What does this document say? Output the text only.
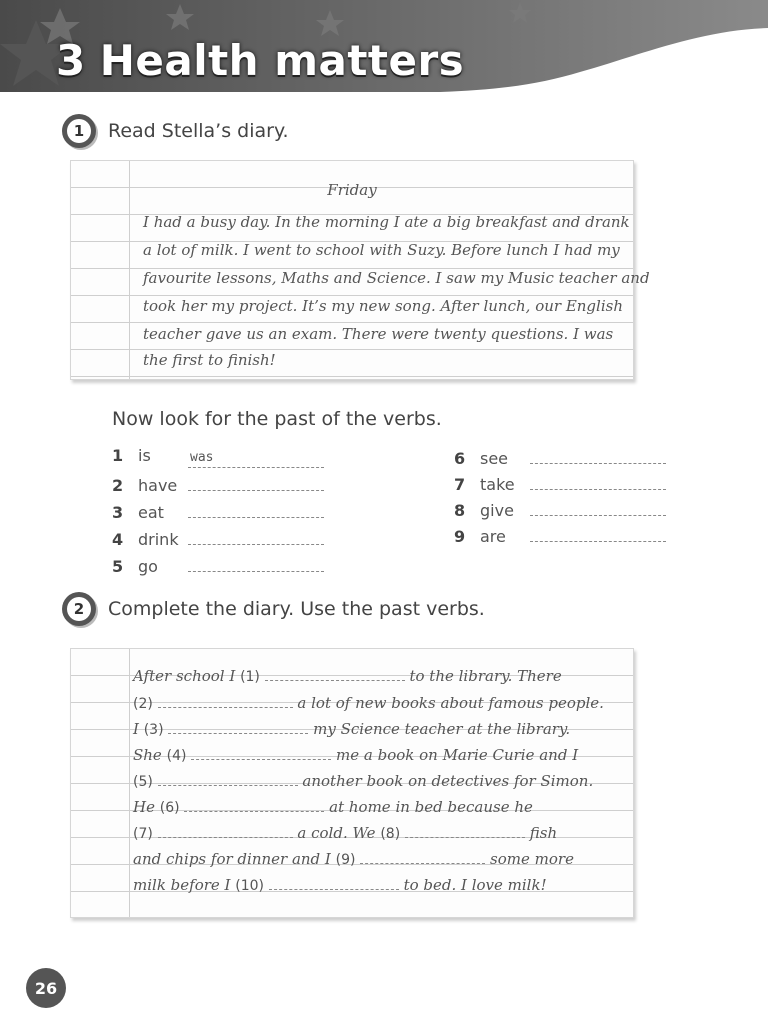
3 Health matters
1	Read Stella’s diary.
Friday
I had a busy day. In the morning I ate a big breakfast and drank
a lot of milk. I went to school with Suzy. Before lunch I had my
favourite lessons, Maths and Science. I saw my Music teacher and
took her my project. It’s my new song. After lunch, our English
teacher gave us an exam. There were twenty questions. I was
the first to finish!
Now look for the past of the verbs.
1 is	was
2 have
3 eat
4 drink
5 go
6 see
7 take
8 give
9 are
2	Complete the diary. Use the past verbs.
After school I (1)	to the library. There
(2)	a lot of new books about famous people.
I (3)	my Science teacher at the library.
She (4)	me a book on Marie Curie and I
(5)	another book on detectives for Simon.
He (6)	at home in bed because he
(7)	a cold. We (8)	fish
and chips for dinner and I (9)	some more
milk before I (10)	to bed. I love milk!
26
